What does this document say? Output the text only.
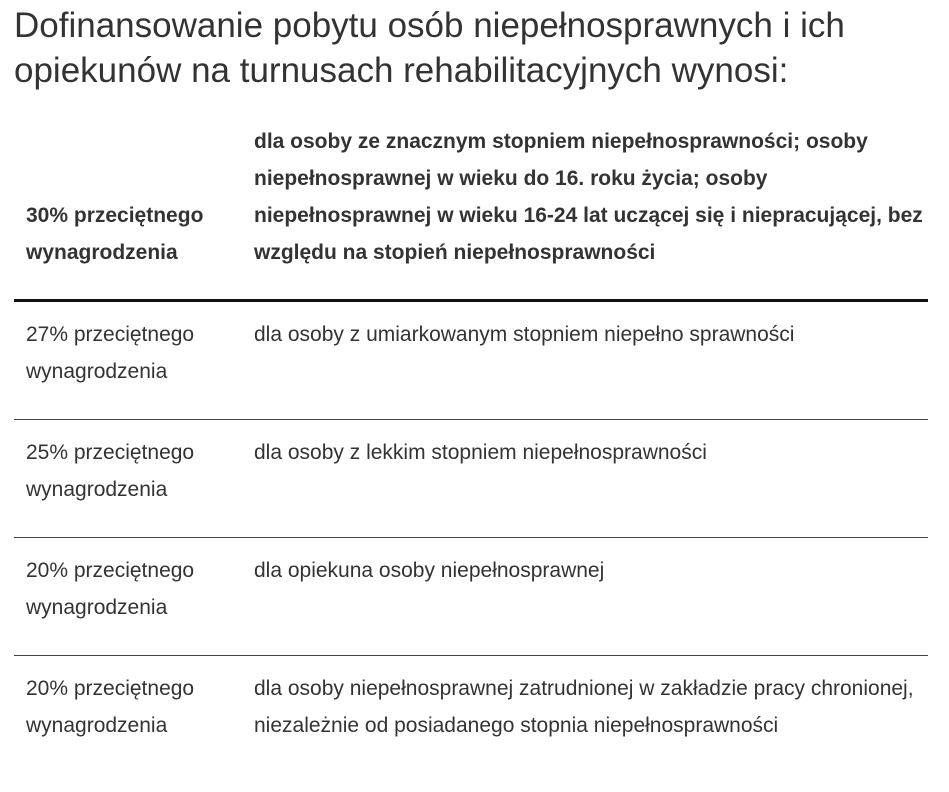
Dofinansowanie pobytu osób niepełnosprawnych i ich opiekunów na turnusach rehabilitacyjnych wynosi:
30% przeciętnego wynagrodzenia	dla osoby ze znacznym stopniem niepełnosprawności; osoby niepełnosprawnej w wieku do 16. roku życia; osoby niepełnosprawnej w wieku 16-24 lat uczącej się i niepracującej, bez względu na stopień niepełnosprawności

27% przeciętnego wynagrodzenia	dla osoby z umiarkowanym stopniem niepełno sprawności

25% przeciętnego wynagrodzenia	dla osoby z lekkim stopniem niepełnosprawności

20% przeciętnego wynagrodzenia	dla opiekuna osoby niepełnosprawnej

20% przeciętnego wynagrodzenia	dla osoby niepełnosprawnej zatrudnionej w zakładzie pracy chronionej, niezależnie od posiadanego stopnia niepełnosprawności
